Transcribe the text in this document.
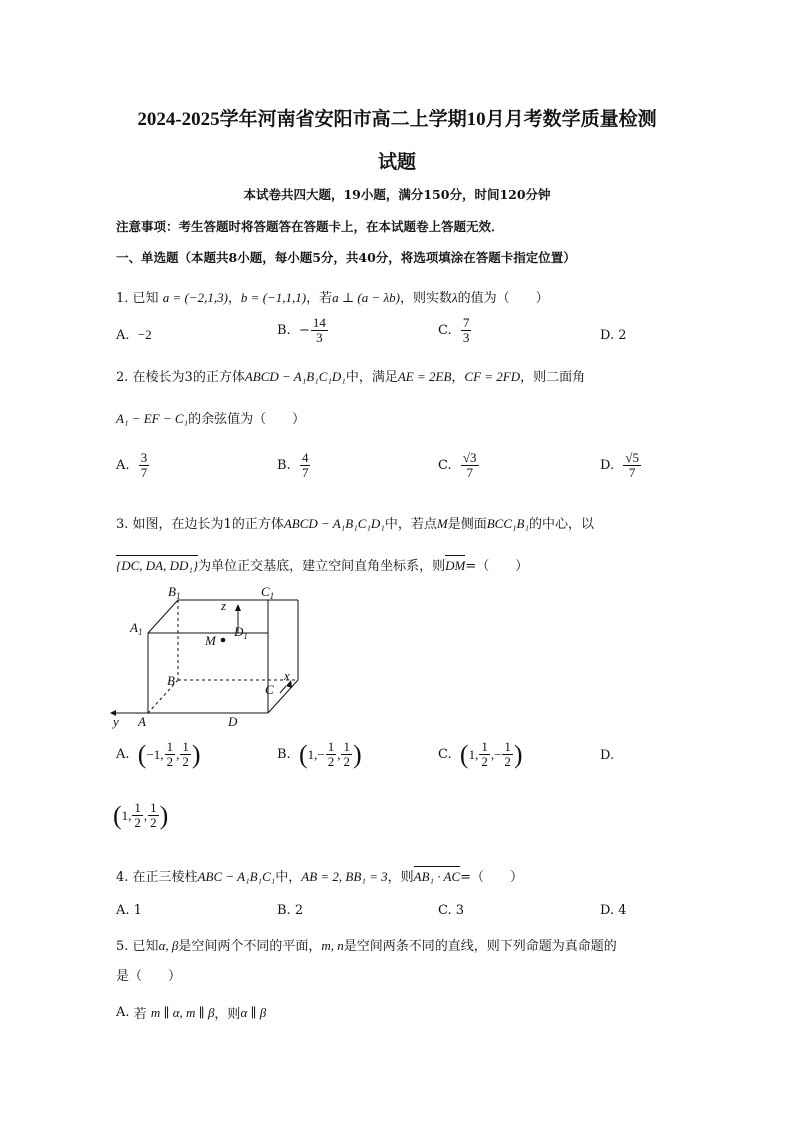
2024-2025学年河南省安阳市高二上学期10月月考数学质量检测
试题
本试卷共四大题，19小题，满分150分，时间120分钟
注意事项：考生答题时将答题答在答题卡上，在本试题卷上答题无效．
一、单选题（本题共8小题，每小题5分，共40分，将选项填涂在答题卡指定位置）
1. 已知 a = (−2,1,3)，b = (−1,1,1)，若a ⊥ (a − λb)，则实数λ的值为（　　）
A.
−2	B.
− $\frac{14}{3}$	C.
$\frac{7}{3}$	D.
2
2. 在棱长为3的正方体ABCD − A₁B₁C₁D₁中，满足AE = 2EB，CF = 2FD，则二面角
A₁ − EF − C₁的余弦值为（　　）
A.
$\frac{3}{7}$	B.
$\frac{4}{7}$	C.
$\frac{√3}{7}$	D.
$\frac{√5}{7}$
3. 如图，在边长为1的正方体ABCD − A₁B₁C₁D₁中，若点M是侧面BCC₁B₁的中心，以
{DC, DA, DD₁}为单位正交基底，建立空间直角坐标系，则DM=（　　）
$B_1$	$C_1$
z
$A_1$
M
$D_1$
B	x
C
y A	D
A.
( −1, $\frac{1}{2}$ , $\frac{1}{2}$ )	B.
( $1,- \frac{1}{2}$ , $\frac{1}{2}$ )	C.
( 1, $\frac{1}{2}$ ,− $\frac{1}{2}$ )	D.
( 1, $\frac{1}{2}$ , $\frac{1}{2}$ )
4. 在正三棱柱ABC − A₁B₁C₁中，AB = 2, BB₁ = 3，则AB₁ · AC=（　　）
A.
1	B.
2	C.
3	D.
4
5. 已知α, β是空间两个不同的平面，m, n是空间两条不同的直线，则下列命题为真命题的
是（　　）
A.
若
m ∥ α, m ∥ β ，则 α ∥ β
